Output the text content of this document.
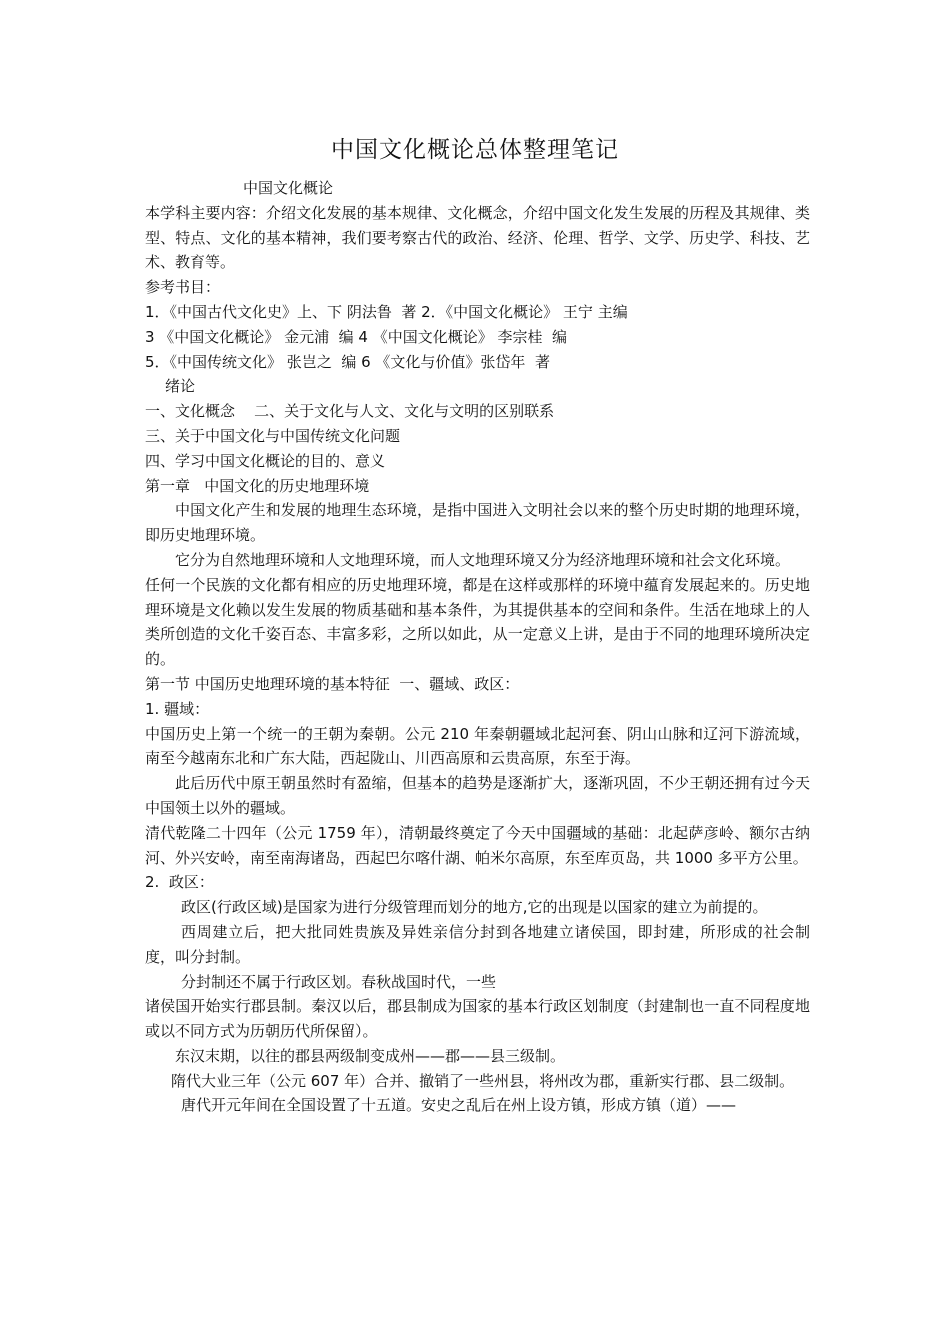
中国文化概论总体整理笔记

中国文化概论

本学科主要内容：介绍文化发展的基本规律、文化概念，介绍中国文化发生发展的历程及其规律、类型、特点、文化的基本精神，我们要考察古代的政治、经济、伦理、哲学、文学、历史学、科技、艺术、教育等。

参考书目：

1．《中国古代文化史》上、下 阴法鲁  著 2．《中国文化概论》 王宁 主编

3 《中国文化概论》 金元浦  编 4 《中国文化概论》 李宗桂  编

5．《中国传统文化》 张岂之  编 6 《文化与价值》张岱年  著

绪论

一、文化概念    二、关于文化与人文、文化与文明的区别联系

三、关于中国文化与中国传统文化问题

四、学习中国文化概论的目的、意义

第一章   中国文化的历史地理环境

中国文化产生和发展的地理生态环境，是指中国进入文明社会以来的整个历史时期的地理环境，即历史地理环境。

它分为自然地理环境和人文地理环境，而人文地理环境又分为经济地理环境和社会文化环境。

任何一个民族的文化都有相应的历史地理环境，都是在这样或那样的环境中蕴育发展起来的。历史地理环境是文化赖以发生发展的物质基础和基本条件，为其提供基本的空间和条件。生活在地球上的人类所创造的文化千姿百态、丰富多彩，之所以如此，从一定意义上讲，是由于不同的地理环境所决定的。

第一节 中国历史地理环境的基本特征  一、疆域、政区：

1. 疆域：

中国历史上第一个统一的王朝为秦朝。公元 210 年秦朝疆域北起河套、阴山山脉和辽河下游流域，南至今越南东北和广东大陆，西起陇山、川西高原和云贵高原，东至于海。

此后历代中原王朝虽然时有盈缩，但基本的趋势是逐渐扩大，逐渐巩固，不少王朝还拥有过今天中国领土以外的疆域。

清代乾隆二十四年（公元 1759 年），清朝最终奠定了今天中国疆域的基础：北起萨彦岭、额尔古纳河、外兴安岭，南至南海诸岛，西起巴尔喀什湖、帕米尔高原，东至库页岛，共 1000 多平方公里。

2.  政区：

政区(行政区域)是国家为进行分级管理而划分的地方,它的出现是以国家的建立为前提的。

西周建立后，把大批同姓贵族及异姓亲信分封到各地建立诸侯国，即封建，所形成的社会制度，叫分封制。

分封制还不属于行政区划。春秋战国时代，一些

诸侯国开始实行郡县制。秦汉以后，郡县制成为国家的基本行政区划制度（封建制也一直不同程度地或以不同方式为历朝历代所保留）。

东汉末期，以往的郡县两级制变成州——郡——县三级制。

隋代大业三年（公元 607 年）合并、撤销了一些州县，将州改为郡，重新实行郡、县二级制。

唐代开元年间在全国设置了十五道。安史之乱后在州上设方镇，形成方镇（道）——
